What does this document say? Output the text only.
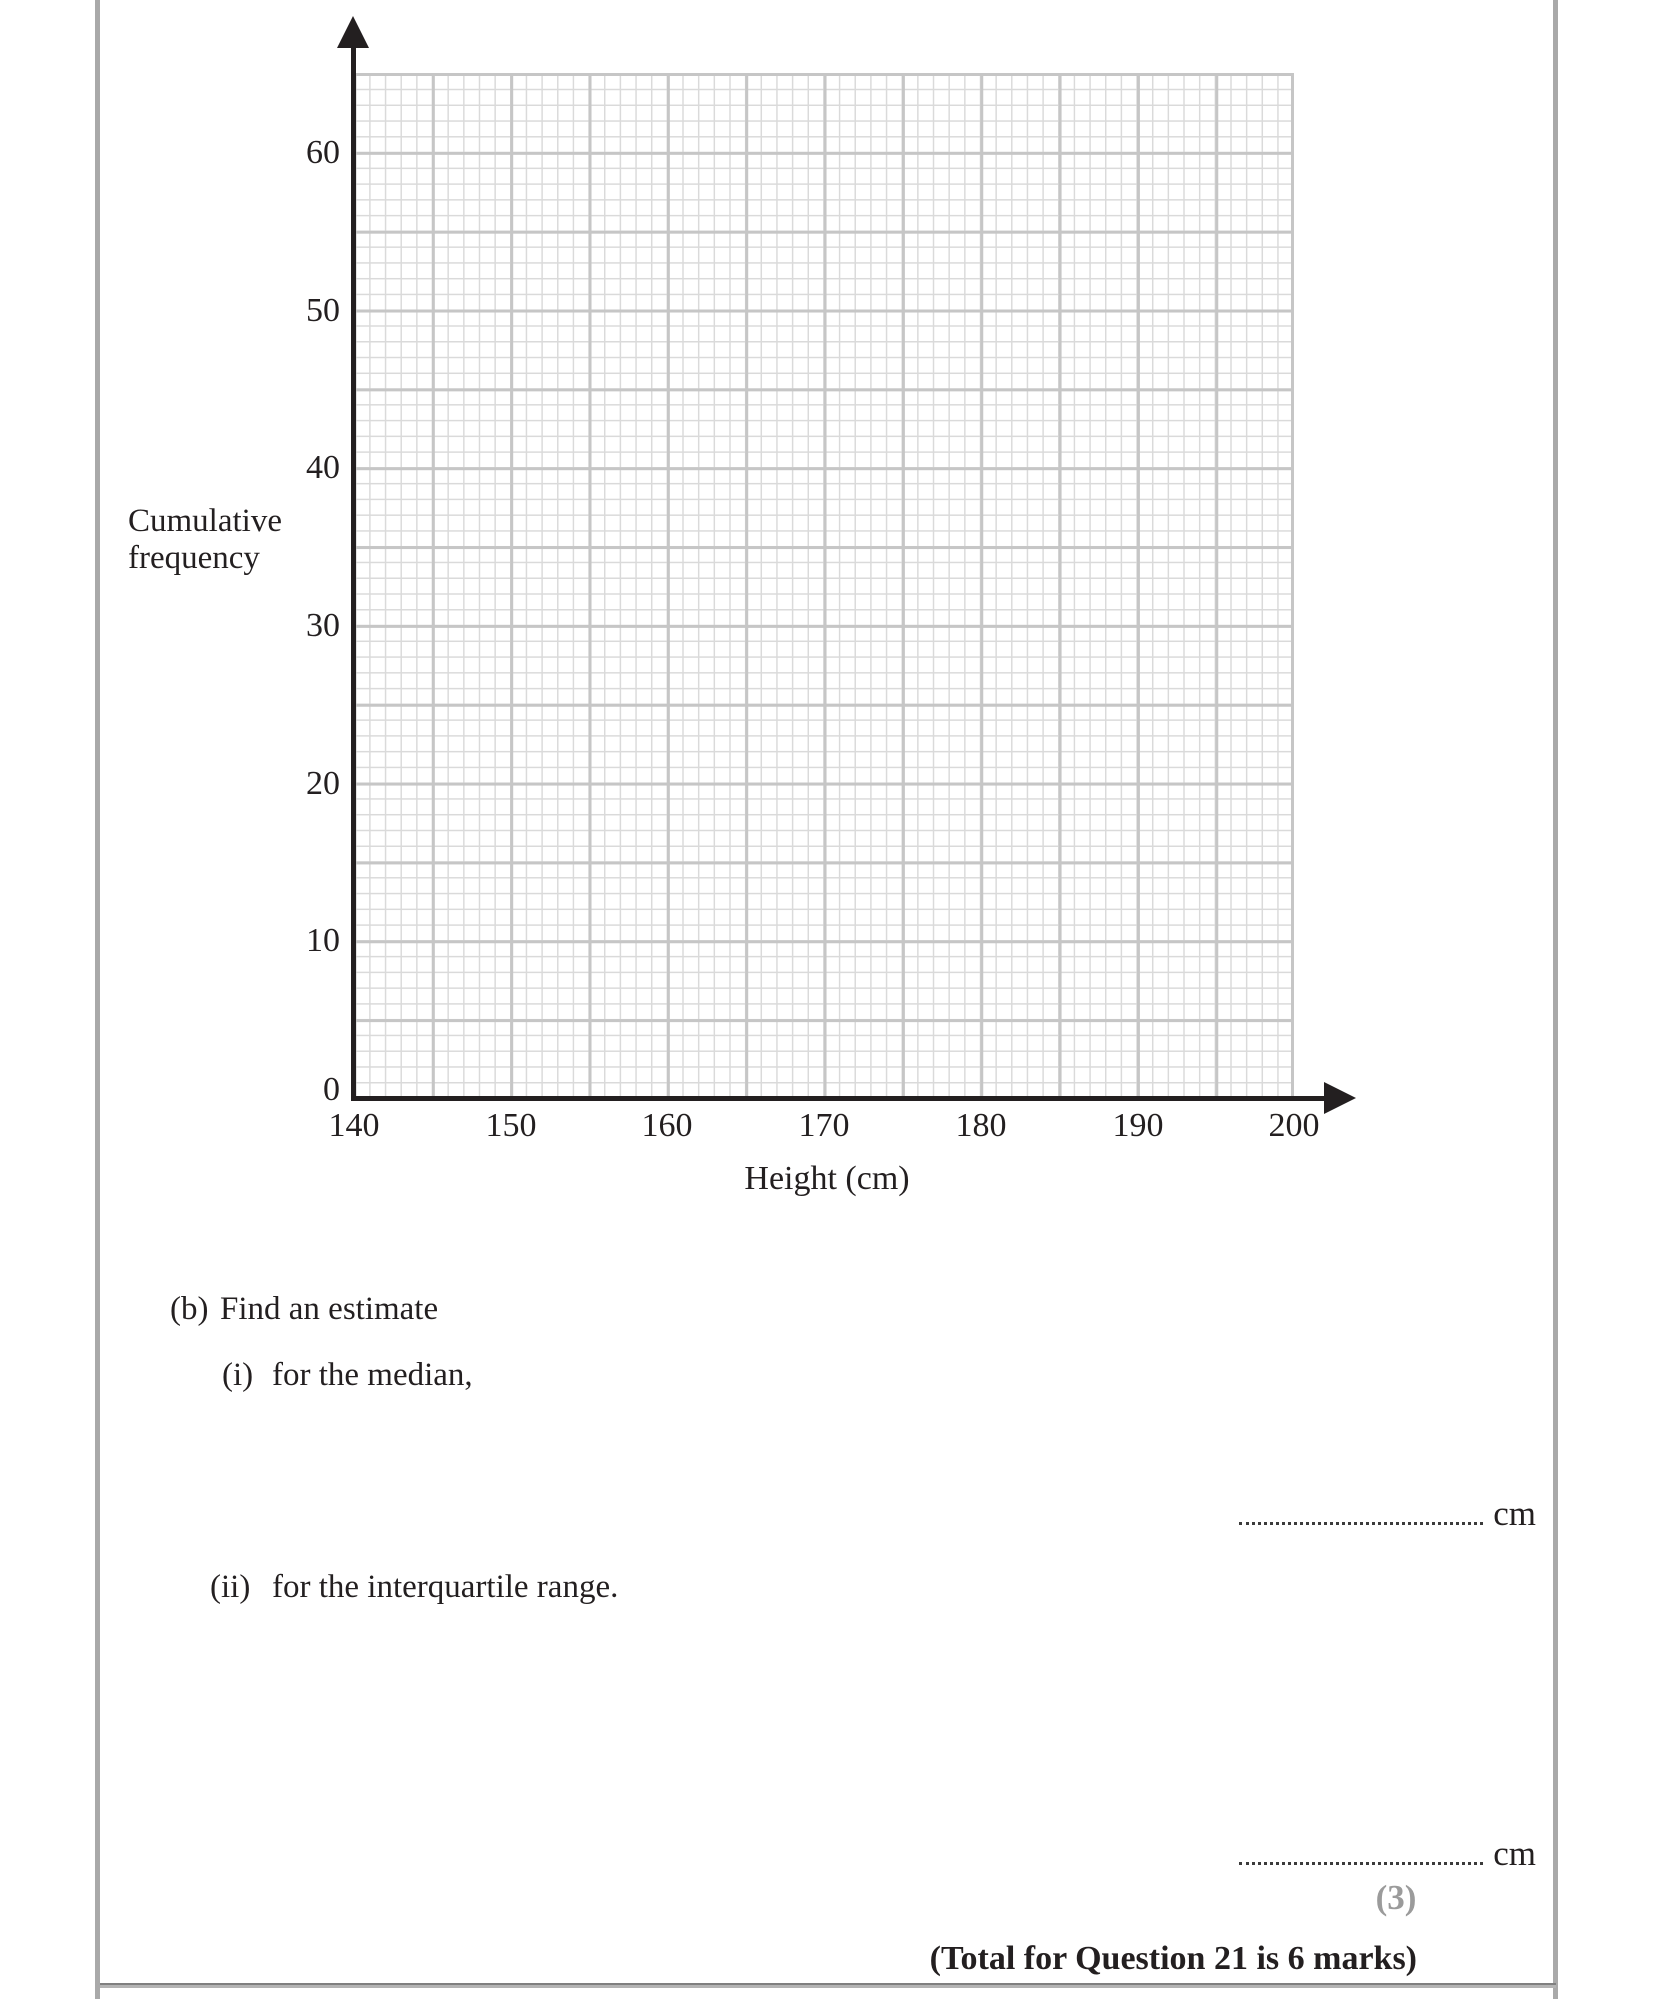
Cumulative
frequency
60
50
40
30
20
10
0
140	150	160	170	180	190	200
Height (cm)
(b) Find an estimate
(i) for the median,
cm
(ii) for the interquartile range.
cm
(3)
(Total for Question 21 is 6 marks)
